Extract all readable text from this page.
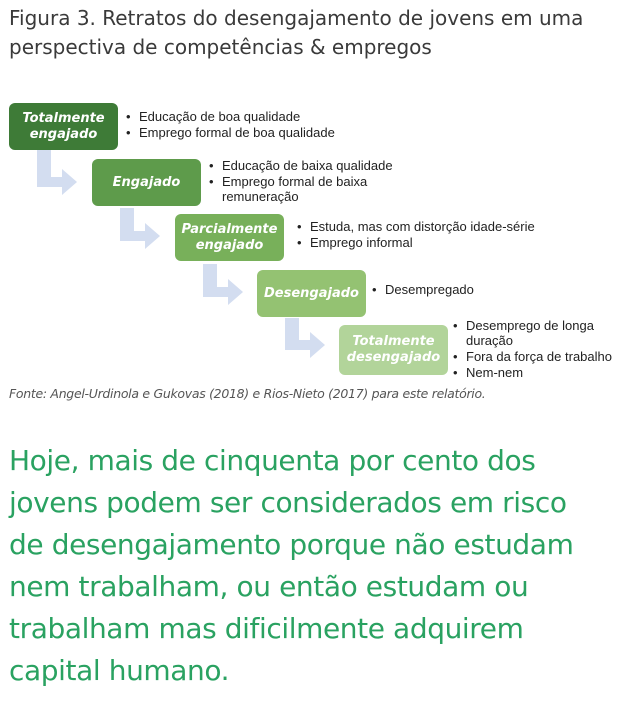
Figura 3. Retratos do desengajamento de jovens em uma
perspectiva de competências & empregos
Totalmente
engajado
• Educação de boa qualidade
• Emprego formal de boa qualidade
Engajado
• Educação de baixa qualidade
• Emprego formal de baixa remuneração
Parcialmente
engajado
• Estuda, mas com distorção idade-série
• Emprego informal
Desengajado
•	Desempregado
Totalmente
desengajado
• Desemprego de longa duração
• Fora da força de trabalho
• Nem-nem
Fonte: Angel-Urdinola e Gukovas (2018) e Rios-Nieto (2017) para este relatório.
Hoje, mais de cinquenta por cento dos
jovens podem ser considerados em risco
de desengajamento porque não estudam
nem trabalham, ou então estudam ou
trabalham mas dificilmente adquirem
capital humano.
